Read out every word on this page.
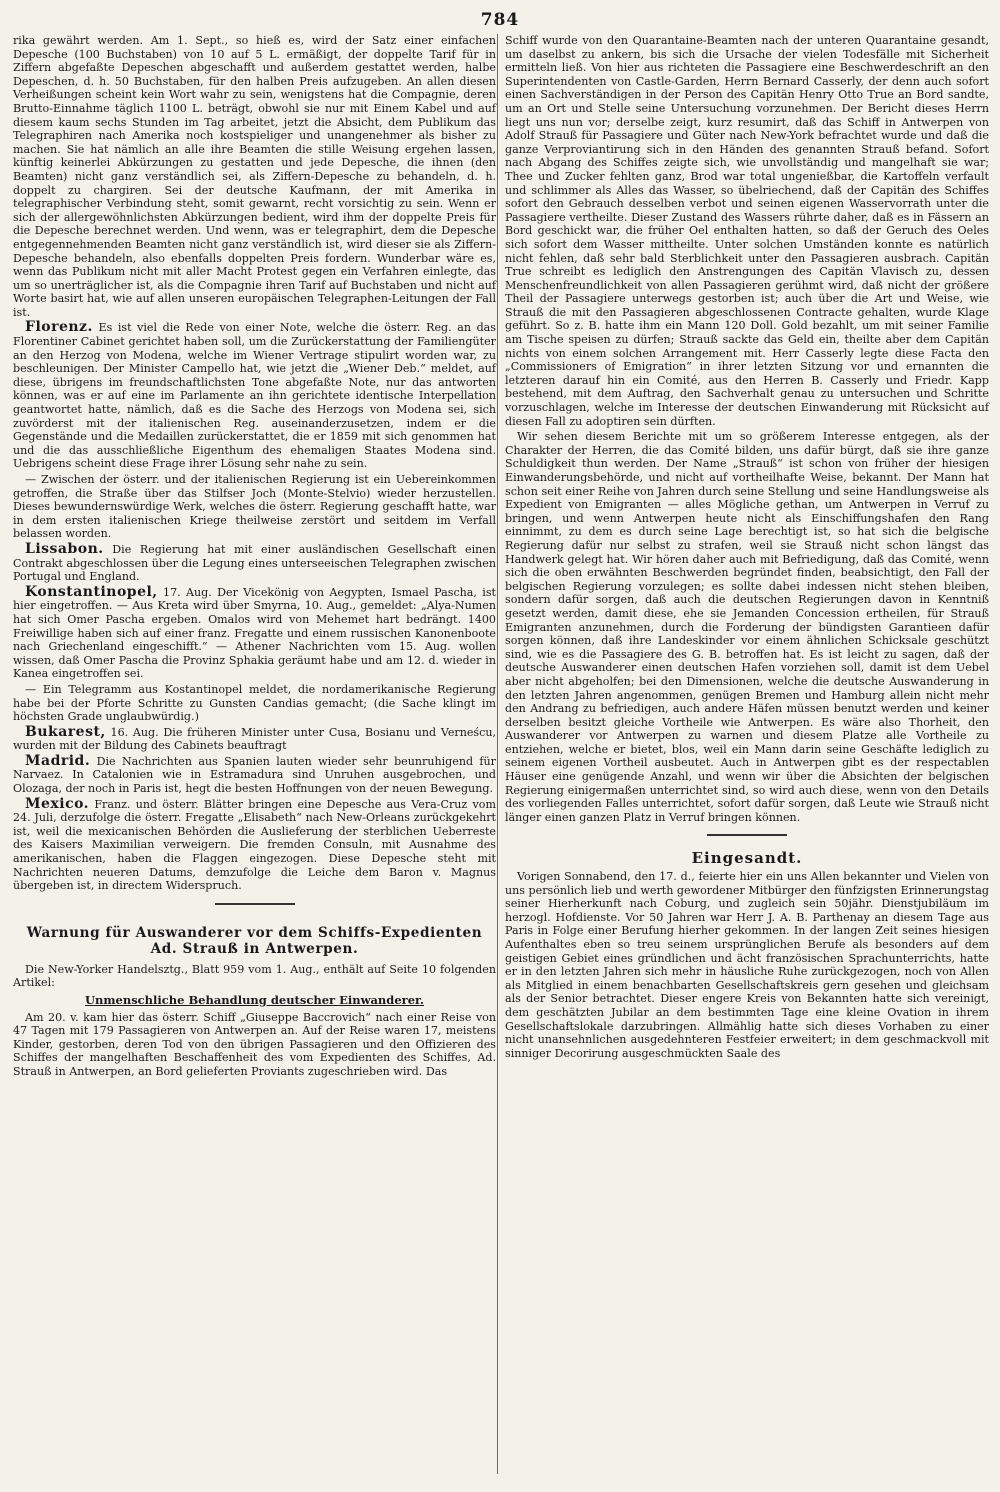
784

rika gewährt werden. Am 1. Sept., so hieß es, wird der Satz einer einfachen Depesche (100 Buchstaben) von 10 auf 5 L. ermäßigt, der doppelte Tarif für in Ziffern abgefaßte Depeschen abgeschafft und außerdem gestattet werden, halbe Depeschen, d. h. 50 Buchstaben, für den halben Preis aufzugeben. An allen diesen Verheißungen scheint kein Wort wahr zu sein, wenigstens hat die Compagnie, deren Brutto-Einnahme täglich 1100 L. beträgt, obwohl sie nur mit Einem Kabel und auf diesem kaum sechs Stunden im Tag arbeitet, jetzt die Absicht, dem Publikum das Telegraphiren nach Amerika noch kostspieliger und unangenehmer als bisher zu machen. Sie hat nämlich an alle ihre Beamten die stille Weisung ergehen lassen, künftig keinerlei Abkürzungen zu gestatten und jede Depesche, die ihnen (den Beamten) nicht ganz verständlich sei, als Ziffern-Depesche zu behandeln, d. h. doppelt zu chargiren. Sei der deutsche Kaufmann, der mit Amerika in telegraphischer Verbindung steht, somit gewarnt, recht vorsichtig zu sein. Wenn er sich der allergewöhnlichsten Abkürzungen bedient, wird ihm der doppelte Preis für die Depesche berechnet werden. Und wenn, was er telegraphirt, dem die Depesche entgegennehmenden Beamten nicht ganz verständlich ist, wird dieser sie als Ziffern-Depesche behandeln, also ebenfalls doppelten Preis fordern. Wunderbar wäre es, wenn das Publikum nicht mit aller Macht Protest gegen ein Verfahren einlegte, das um so unerträglicher ist, als die Compagnie ihren Tarif auf Buchstaben und nicht auf Worte basirt hat, wie auf allen unseren europäischen Telegraphen-Leitungen der Fall ist.

Florenz. Es ist viel die Rede von einer Note, welche die österr. Reg. an das Florentiner Cabinet gerichtet haben soll, um die Zurückerstattung der Familiengüter an den Herzog von Modena, welche im Wiener Vertrage stipulirt worden war, zu beschleunigen. Der Minister Campello hat, wie jetzt die „Wiener Deb.“ meldet, auf diese, übrigens im freundschaftlichsten Tone abgefaßte Note, nur das antworten können, was er auf eine im Parlamente an ihn gerichtete identische Interpellation geantwortet hatte, nämlich, daß es die Sache des Herzogs von Modena sei, sich zuvörderst mit der italienischen Reg. auseinanderzusetzen, indem er die Gegenstände und die Medaillen zurückerstattet, die er 1859 mit sich genommen hat und die das ausschließliche Eigenthum des ehemaligen Staates Modena sind. Uebrigens scheint diese Frage ihrer Lösung sehr nahe zu sein.

— Zwischen der österr. und der italienischen Regierung ist ein Uebereinkommen getroffen, die Straße über das Stilfser Joch (Monte-Stelvio) wieder herzustellen. Dieses bewundernswürdige Werk, welches die österr. Regierung geschafft hatte, war in dem ersten italienischen Kriege theilweise zerstört und seitdem im Verfall belassen worden.

Lissabon. Die Regierung hat mit einer ausländischen Gesellschaft einen Contrakt abgeschlossen über die Legung eines unterseeischen Telegraphen zwischen Portugal und England.

Konstantinopel, 17. Aug. Der Vicekönig von Aegypten, Ismael Pascha, ist hier eingetroffen. — Aus Kreta wird über Smyrna, 10. Aug., gemeldet: „Alya-Numen hat sich Omer Pascha ergeben. Omalos wird von Mehemet hart bedrängt. 1400 Freiwillige haben sich auf einer franz. Fregatte und einem russischen Kanonenboote nach Griechenland eingeschifft.“ — Athener Nachrichten vom 15. Aug. wollen wissen, daß Omer Pascha die Provinz Sphakia geräumt habe und am 12. d. wieder in Kanea eingetroffen sei.

— Ein Telegramm aus Kostantinopel meldet, die nordamerikanische Regierung habe bei der Pforte Schritte zu Gunsten Candias gemacht; (die Sache klingt im höchsten Grade unglaubwürdig.)

Bukarest, 16. Aug. Die früheren Minister unter Cusa, Bosianu und Verneścu, wurden mit der Bildung des Cabinets beauftragt

Madrid. Die Nachrichten aus Spanien lauten wieder sehr beunruhigend für Narvaez. In Catalonien wie in Estramadura sind Unruhen ausgebrochen, und Olozaga, der noch in Paris ist, hegt die besten Hoffnungen von der neuen Bewegung.

Mexico. Franz. und österr. Blätter bringen eine Depesche aus Vera-Cruz vom 24. Juli, derzufolge die österr. Fregatte „Elisabeth“ nach New-Orleans zurückgekehrt ist, weil die mexicanischen Behörden die Auslieferung der sterblichen Ueberreste des Kaisers Maximilian verweigern. Die fremden Consuln, mit Ausnahme des amerikanischen, haben die Flaggen eingezogen. Diese Depesche steht mit Nachrichten neueren Datums, demzufolge die Leiche dem Baron v. Magnus übergeben ist, in directem Widerspruch.

Warnung für Auswanderer vor dem Schiffs-Expedienten Ad. Strauß in Antwerpen.

Die New-Yorker Handelsztg., Blatt 959 vom 1. Aug., enthält auf Seite 10 folgenden Artikel:

Unmenschliche Behandlung deutscher Einwanderer.

Am 20. v. kam hier das österr. Schiff „Giuseppe Baccrovich“ nach einer Reise von 47 Tagen mit 179 Passagieren von Antwerpen an. Auf der Reise waren 17, meistens Kinder, gestorben, deren Tod von den übrigen Passagieren und den Offizieren des Schiffes der mangelhaften Beschaffenheit des vom Expedienten des Schiffes, Ad. Strauß in Antwerpen, an Bord gelieferten Proviants zugeschrieben wird. Das

Schiff wurde von den Quarantaine-Beamten nach der unteren Quarantaine gesandt, um daselbst zu ankern, bis sich die Ursache der vielen Todesfälle mit Sicherheit ermitteln ließ. Von hier aus richteten die Passagiere eine Beschwerdeschrift an den Superintendenten von Castle-Garden, Herrn Bernard Casserly, der denn auch sofort einen Sachverständigen in der Person des Capitän Henry Otto True an Bord sandte, um an Ort und Stelle seine Untersuchung vorzunehmen. Der Bericht dieses Herrn liegt uns nun vor; derselbe zeigt, kurz resumirt, daß das Schiff in Antwerpen von Adolf Strauß für Passagiere und Güter nach New-York befrachtet wurde und daß die ganze Verproviantirung sich in den Händen des genannten Strauß befand. Sofort nach Abgang des Schiffes zeigte sich, wie unvollständig und mangelhaft sie war; Thee und Zucker fehlten ganz, Brod war total ungenießbar, die Kartoffeln verfault und schlimmer als Alles das Wasser, so übelriechend, daß der Capitän des Schiffes sofort den Gebrauch desselben verbot und seinen eigenen Wasservorrath unter die Passagiere vertheilte. Dieser Zustand des Wassers rührte daher, daß es in Fässern an Bord geschickt war, die früher Oel enthalten hatten, so daß der Geruch des Oeles sich sofort dem Wasser mittheilte. Unter solchen Umständen konnte es natürlich nicht fehlen, daß sehr bald Sterblichkeit unter den Passagieren ausbrach. Capitän True schreibt es lediglich den Anstrengungen des Capitän Vlavisch zu, dessen Menschenfreundlichkeit von allen Passagieren gerühmt wird, daß nicht der größere Theil der Passagiere unterwegs gestorben ist; auch über die Art und Weise, wie Strauß die mit den Passagieren abgeschlossenen Contracte gehalten, wurde Klage geführt. So z. B. hatte ihm ein Mann 120 Doll. Gold bezahlt, um mit seiner Familie am Tische speisen zu dürfen; Strauß sackte das Geld ein, theilte aber dem Capitän nichts von einem solchen Arrangement mit. Herr Casserly legte diese Facta den „Commissioners of Emigration“ in ihrer letzten Sitzung vor und ernannten die letzteren darauf hin ein Comité, aus den Herren B. Casserly und Friedr. Kapp bestehend, mit dem Auftrag, den Sachverhalt genau zu untersuchen und Schritte vorzuschlagen, welche im Interesse der deutschen Einwanderung mit Rücksicht auf diesen Fall zu adoptiren sein dürften.

Wir sehen diesem Berichte mit um so größerem Interesse entgegen, als der Charakter der Herren, die das Comité bilden, uns dafür bürgt, daß sie ihre ganze Schuldigkeit thun werden. Der Name „Strauß“ ist schon von früher der hiesigen Einwanderungsbehörde, und nicht auf vortheilhafte Weise, bekannt. Der Mann hat schon seit einer Reihe von Jahren durch seine Stellung und seine Handlungsweise als Expedient von Emigranten — alles Mögliche gethan, um Antwerpen in Verruf zu bringen, und wenn Antwerpen heute nicht als Einschiffungshafen den Rang einnimmt, zu dem es durch seine Lage berechtigt ist, so hat sich die belgische Regierung dafür nur selbst zu strafen, weil sie Strauß nicht schon längst das Handwerk gelegt hat. Wir hören daher auch mit Befriedigung, daß das Comité, wenn sich die oben erwähnten Beschwerden begründet finden, beabsichtigt, den Fall der belgischen Regierung vorzulegen; es sollte dabei indessen nicht stehen bleiben, sondern dafür sorgen, daß auch die deutschen Regierungen davon in Kenntniß gesetzt werden, damit diese, ehe sie Jemanden Concession ertheilen, für Strauß Emigranten anzunehmen, durch die Forderung der bündigsten Garantieen dafür sorgen können, daß ihre Landeskinder vor einem ähnlichen Schicksale geschützt sind, wie es die Passagiere des G. B. betroffen hat. Es ist leicht zu sagen, daß der deutsche Auswanderer einen deutschen Hafen vorziehen soll, damit ist dem Uebel aber nicht abgeholfen; bei den Dimensionen, welche die deutsche Auswanderung in den letzten Jahren angenommen, genügen Bremen und Hamburg allein nicht mehr den Andrang zu befriedigen, auch andere Häfen müssen benutzt werden und keiner derselben besitzt gleiche Vortheile wie Antwerpen. Es wäre also Thorheit, den Auswanderer vor Antwerpen zu warnen und diesem Platze alle Vortheile zu entziehen, welche er bietet, blos, weil ein Mann darin seine Geschäfte lediglich zu seinem eigenen Vortheil ausbeutet. Auch in Antwerpen gibt es der respectablen Häuser eine genügende Anzahl, und wenn wir über die Absichten der belgischen Regierung einigermaßen unterrichtet sind, so wird auch diese, wenn von den Details des vorliegenden Falles unterrichtet, sofort dafür sorgen, daß Leute wie Strauß nicht länger einen ganzen Platz in Verruf bringen können.

Eingesandt.

Vorigen Sonnabend, den 17. d., feierte hier ein uns Allen bekannter und Vielen von uns persönlich lieb und werth gewordener Mitbürger den fünfzigsten Erinnerungstag seiner Hierherkunft nach Coburg, und zugleich sein 50jähr. Dienstjubiläum im herzogl. Hofdienste. Vor 50 Jahren war Herr J. A. B. Parthenay an diesem Tage aus Paris in Folge einer Berufung hierher gekommen. In der langen Zeit seines hiesigen Aufenthaltes eben so treu seinem ursprünglichen Berufe als besonders auf dem geistigen Gebiet eines gründlichen und ächt französischen Sprachunterrichts, hatte er in den letzten Jahren sich mehr in häusliche Ruhe zurückgezogen, noch von Allen als Mitglied in einem benachbarten Gesellschaftskreis gern gesehen und gleichsam als der Senior betrachtet. Dieser engere Kreis von Bekannten hatte sich vereinigt, dem geschätzten Jubilar an dem bestimmten Tage eine kleine Ovation in ihrem Gesellschaftslokale darzubringen. Allmählig hatte sich dieses Vorhaben zu einer nicht unansehnlichen ausgedehnteren Festfeier erweitert; in dem geschmackvoll mit sinniger Decorirung ausgeschmückten Saale des
